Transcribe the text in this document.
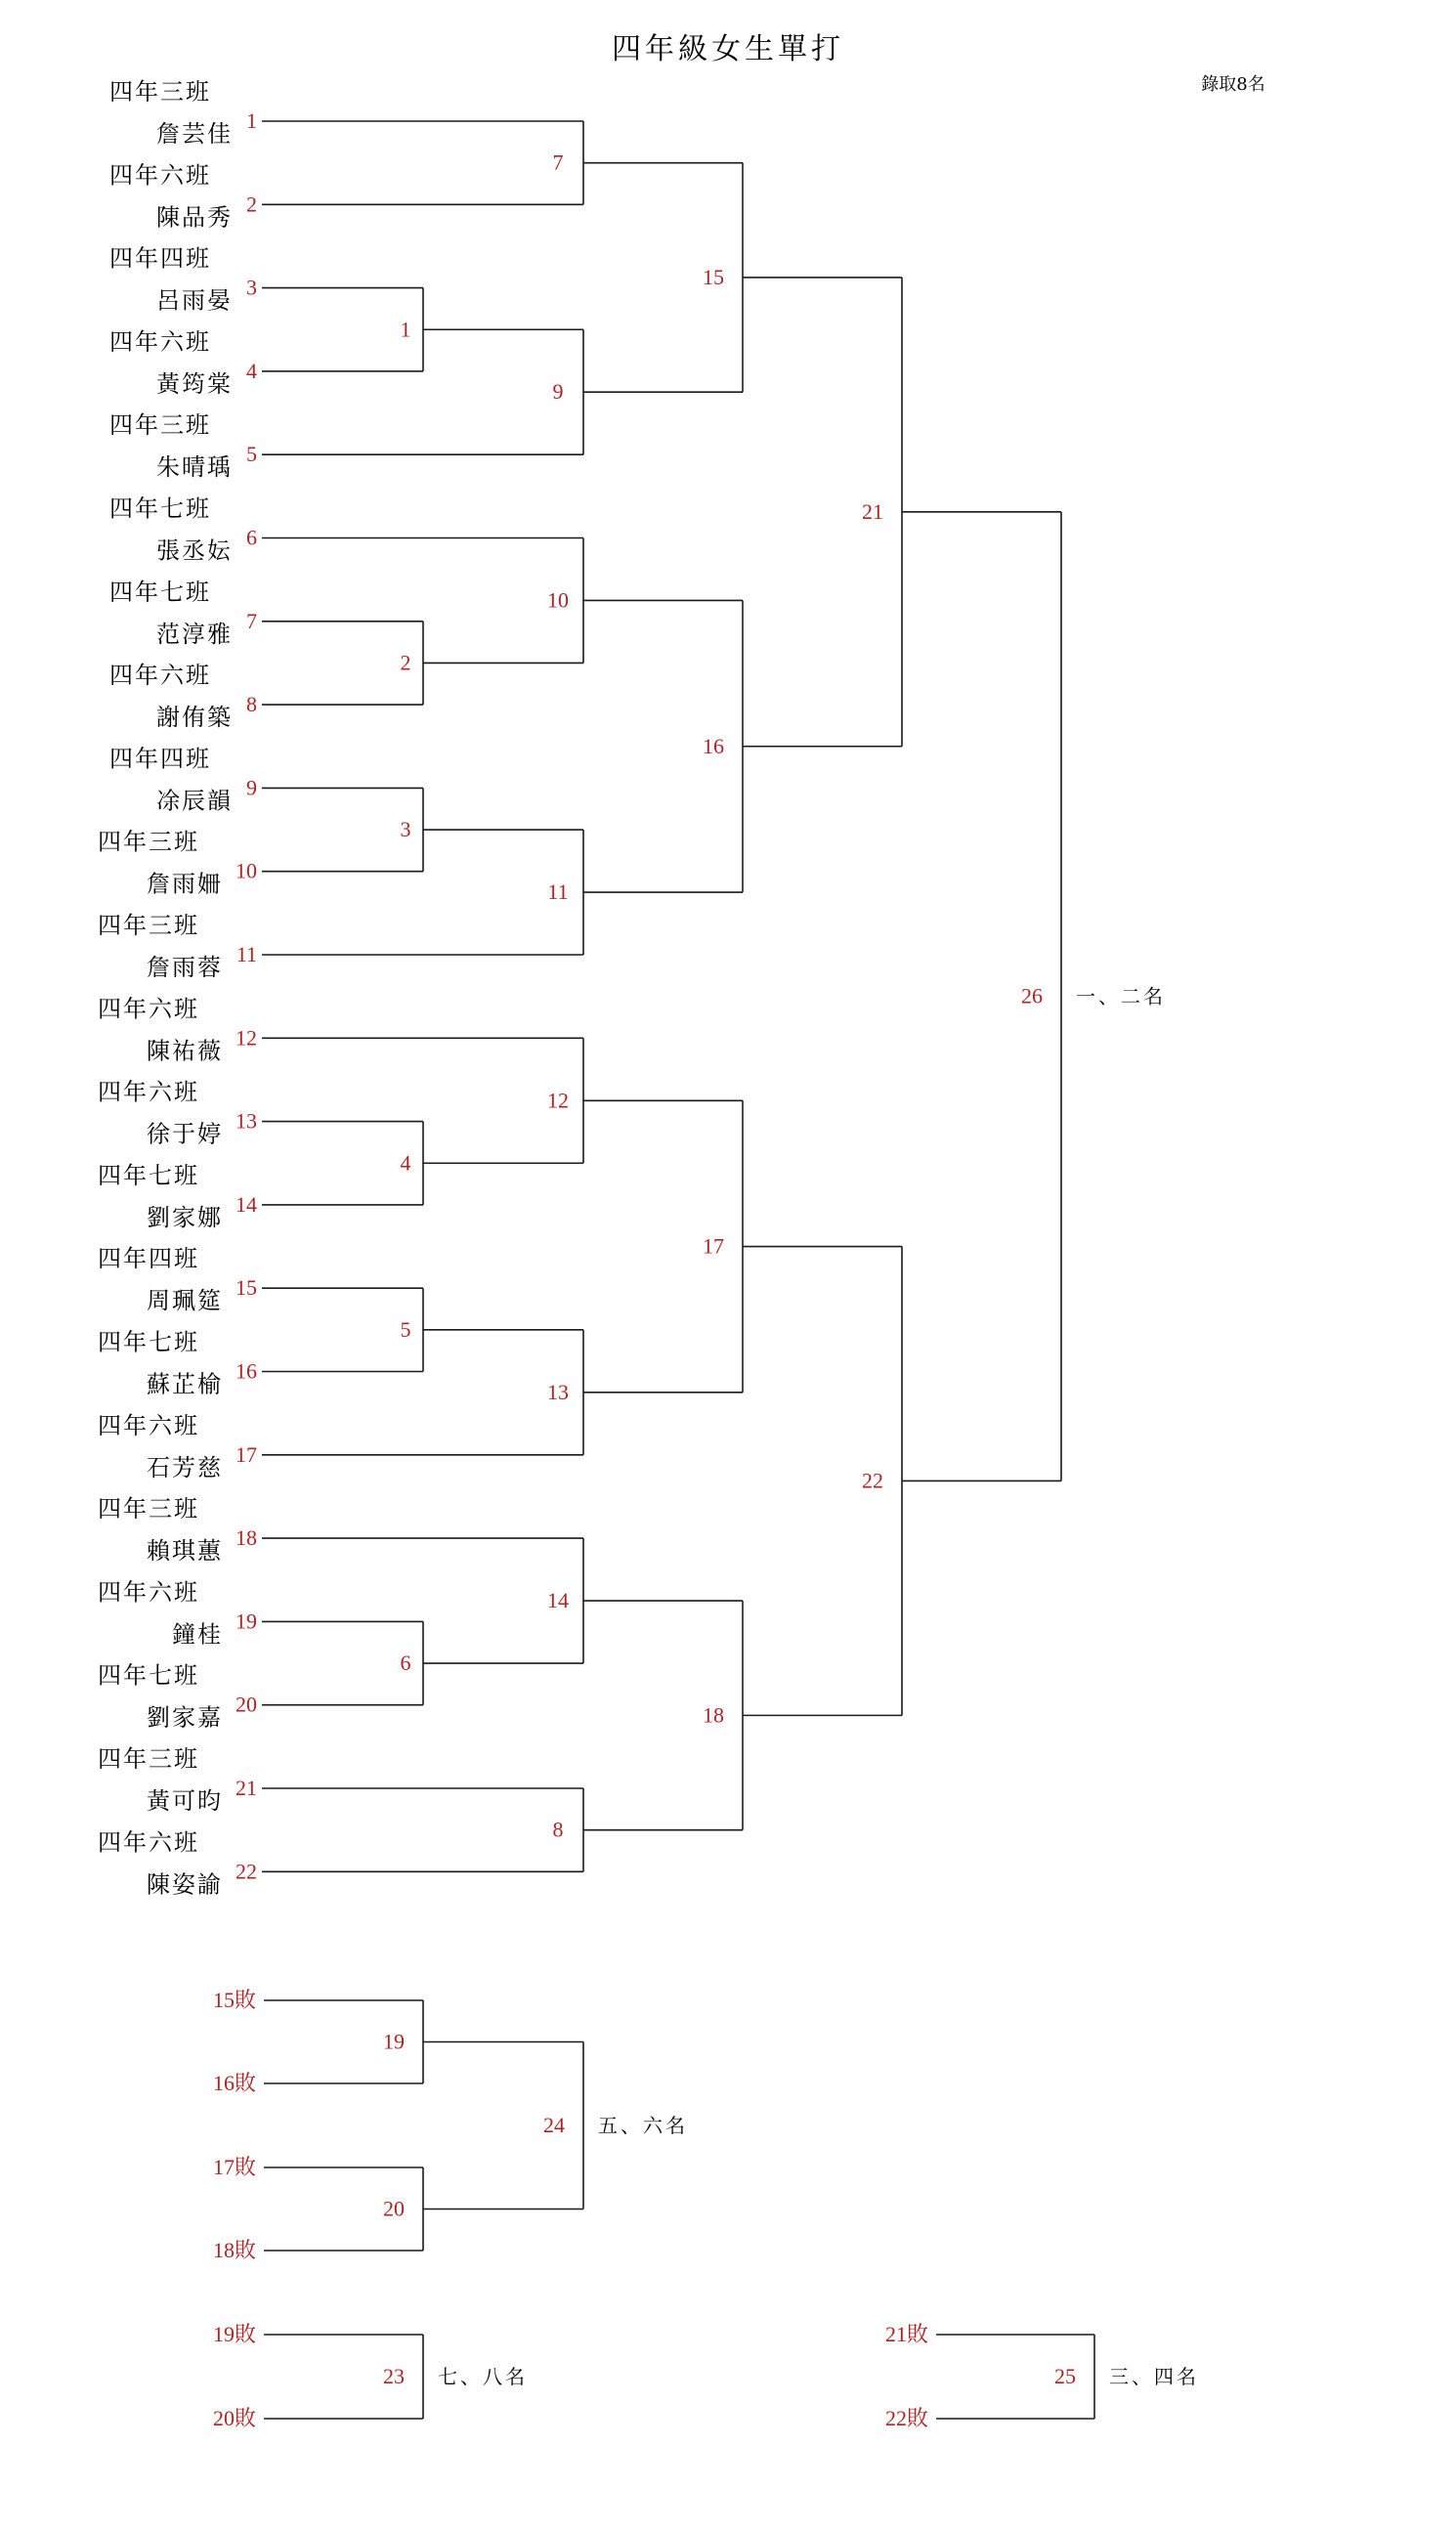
四年級女生單打
錄取8名
四年三班
詹芸佳 1
四年六班
陳品秀 2
四年四班
呂雨晏 3
四年六班
黃筠棠 4
四年三班
朱晴瑀 5
四年七班
張丞妘 6
四年七班
范淳雅 7
四年六班
謝侑築 8
四年四班
凃辰韻 9
四年三班
詹雨姍 10
四年三班
詹雨蓉 11
四年六班
陳祐薇 12
四年六班
徐于婷 13
四年七班
劉家娜 14
四年四班
周珮筵 15
四年七班
蘇芷榆 16
四年六班
石芳慈 17
四年三班
賴琪蕙 18
四年六班
鐘桂 19
四年七班
劉家嘉 20
四年三班
黃可昀 21
四年六班
陳姿諭 22
1
2
3
4
5
6
8
7
9
10
11
12
13
14
15
16
17
18
21
22
26 一、二名
15敗
16敗
17敗
18敗
19
20
24 五、六名
19敗
20敗
23 七、八名
21敗
22敗
25 三、四名
